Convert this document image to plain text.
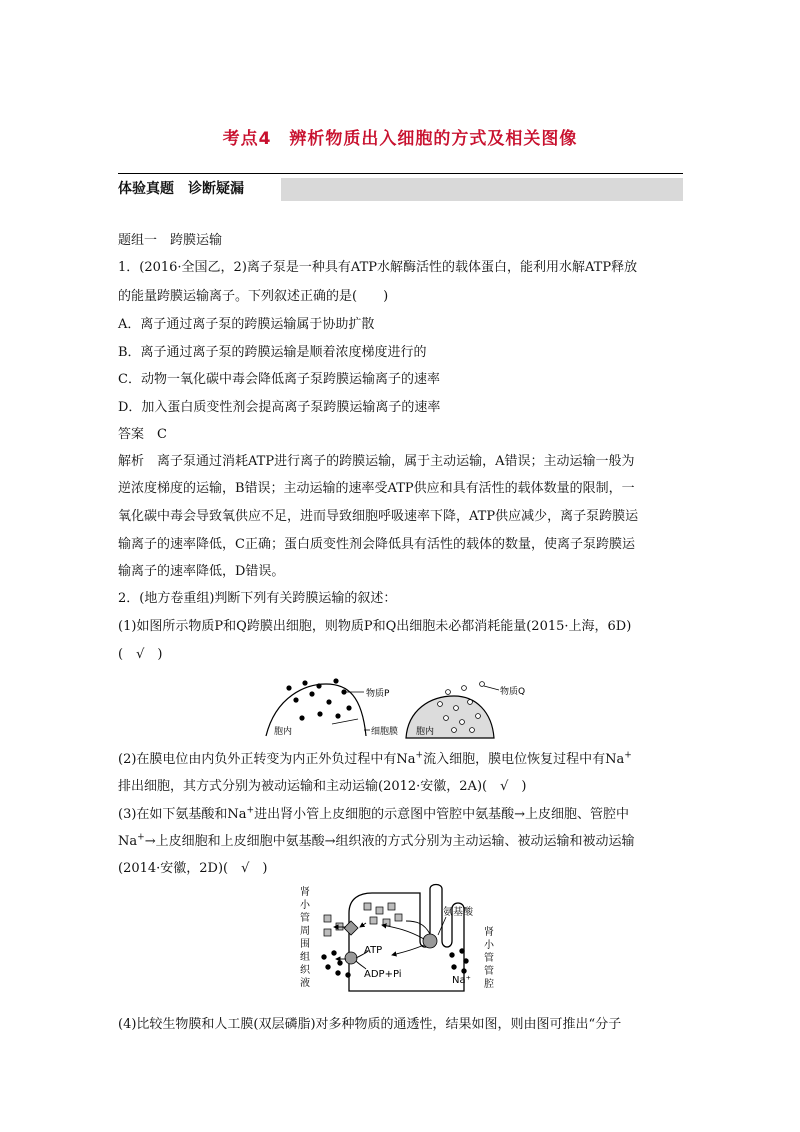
考点4　辨析物质出入细胞的方式及相关图像
体验真题　诊断疑漏
题组一　跨膜运输
1．(2016·全国乙，2)离子泵是一种具有ATP水解酶活性的载体蛋白，能利用水解ATP释放
的能量跨膜运输离子。下列叙述正确的是(　　)
A．离子通过离子泵的跨膜运输属于协助扩散
B．离子通过离子泵的跨膜运输是顺着浓度梯度进行的
C．动物一氧化碳中毒会降低离子泵跨膜运输离子的速率
D．加入蛋白质变性剂会提高离子泵跨膜运输离子的速率
答案　C
解析　离子泵通过消耗ATP进行离子的跨膜运输，属于主动运输，A错误；主动运输一般为
逆浓度梯度的运输，B错误；主动运输的速率受ATP供应和具有活性的载体数量的限制，一
氧化碳中毒会导致氧供应不足，进而导致细胞呼吸速率下降，ATP供应减少，离子泵跨膜运
输离子的速率降低，C正确；蛋白质变性剂会降低具有活性的载体的数量，使离子泵跨膜运
输离子的速率降低，D错误。
2．(地方卷重组)判断下列有关跨膜运输的叙述：
(1)如图所示物质P和Q跨膜出细胞，则物质P和Q出细胞未必都消耗能量(2015·上海，6D)
(　√　)
物质P
胞内	细胞膜
物质Q
胞内
(2)在膜电位由内负外正转变为内正外负过程中有Na+流入细胞，膜电位恢复过程中有Na+
排出细胞，其方式分别为被动运输和主动运输(2012·安徽，2A)(　√　)
(3)在如下氨基酸和Na+进出肾小管上皮细胞的示意图中管腔中氨基酸→上皮细胞、管腔中
Na+→上皮细胞和上皮细胞中氨基酸→组织液的方式分别为主动运输、被动运输和被动运输
(2014·安徽，2D)(　√　)
肾
小
管
周
围
组
织
液
肾
小
管
管
腔
氨基酸
ATP
ADP+Pi
Na⁺
(4)比较生物膜和人工膜(双层磷脂)对多种物质的通透性，结果如图，则由图可推出“分子
